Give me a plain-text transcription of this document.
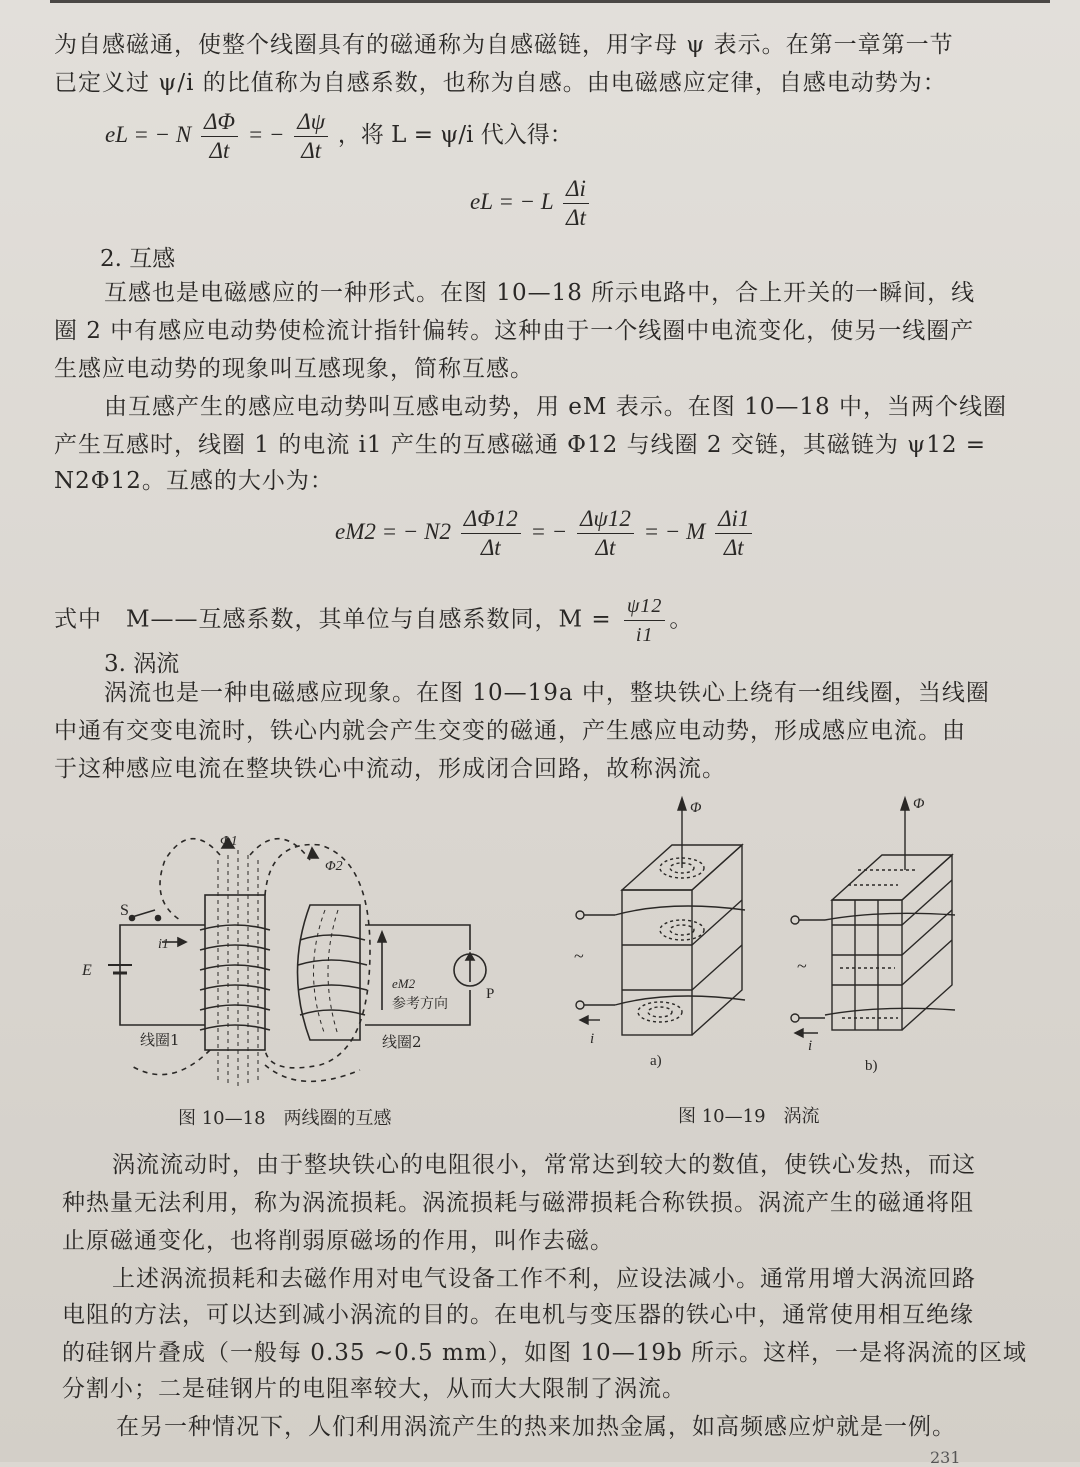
为自感磁通，使整个线圈具有的磁通称为自感磁链，用字母 ψ 表示。在第一章第一节
已定义过 ψ/i 的比值称为自感系数，也称为自感。由电磁感应定律，自感电动势为：
eL = − N $\frac{\Delta\Phi}{\Delta t}$ = − $\frac{\Delta\psi}{\Delta t}$ ，将 L = ψ/i 代入得：
eL = − L $\frac{\Delta i}{\Delta t}$
2. 互感
互感也是电磁感应的一种形式。在图 10—18 所示电路中，合上开关的一瞬间，线
圈 2 中有感应电动势使检流计指针偏转。这种由于一个线圈中电流变化，使另一线圈产
生感应电动势的现象叫互感现象，简称互感。
由互感产生的感应电动势叫互感电动势，用 eM 表示。在图 10—18 中，当两个线圈
产生互感时，线圈 1 的电流 i1 产生的互感磁通 Φ12 与线圈 2 交链，其磁链为 ψ12 =
N2Φ12。互感的大小为：
eM2 = − $N2 \frac{\Delta\Phi 12}{\Delta t}$ = − $\frac{\Delta\psi 12}{\Delta t}$ = − M $\frac{\Delta i1}{\Delta t}$
式中　M——互感系数，其单位与自感系数同，$M = \frac{\psi 12}{i1}$ 。
3. 涡流
涡流也是一种电磁感应现象。在图 10—19a 中，整块铁心上绕有一组线圈，当线圈
中通有交变电流时，铁心内就会产生交变的磁通，产生感应电动势，形成感应电流。由
于这种感应电流在整块铁心中流动，形成闭合回路，故称涡流。
S
i1
E
Φ1
Φ2
线圈1	线圈2
eM2
参考方向
P
图 10—18　两线圈的互感
Φ	Φ
i	i
~	~
a)	b)
图 10—19　涡流
涡流流动时，由于整块铁心的电阻很小，常常达到较大的数值，使铁心发热，而这
种热量无法利用，称为涡流损耗。涡流损耗与磁滞损耗合称铁损。涡流产生的磁通将阻
止原磁通变化，也将削弱原磁场的作用，叫作去磁。
上述涡流损耗和去磁作用对电气设备工作不利，应设法减小。通常用增大涡流回路
电阻的方法，可以达到减小涡流的目的。在电机与变压器的铁心中，通常使用相互绝缘
的硅钢片叠成（一般每 0.35 ~0.5 mm），如图 10—19b 所示。这样，一是将涡流的区域
分割小；二是硅钢片的电阻率较大，从而大大限制了涡流。
在另一种情况下，人们利用涡流产生的热来加热金属，如高频感应炉就是一例。
231
